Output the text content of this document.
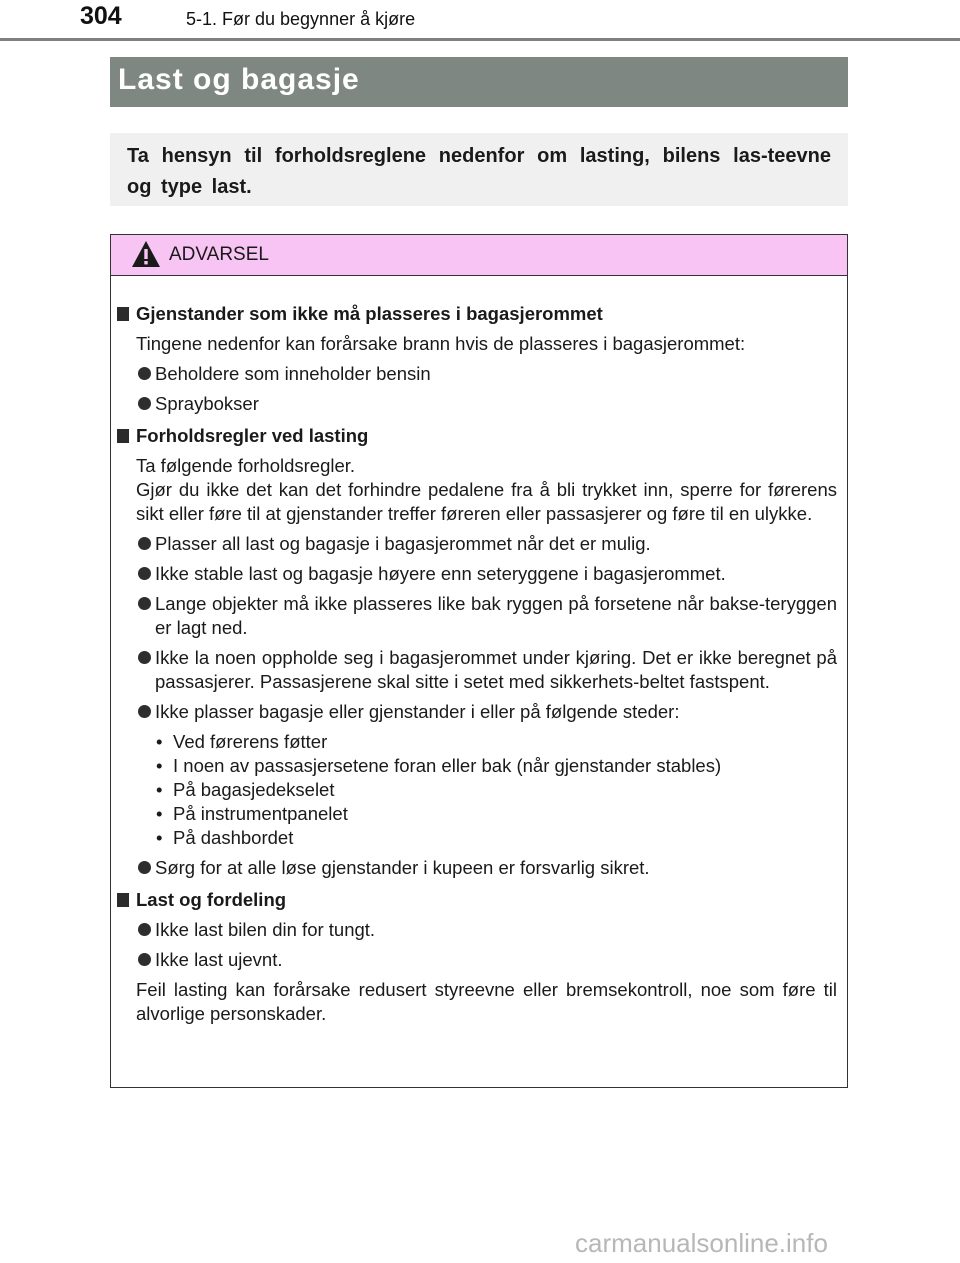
304	5-1. Før du begynner å kjøre
Last og bagasje
Ta hensyn til forholdsreglene nedenfor om lasting, bilens las-teevne og type last.
ADVARSEL
Gjenstander som ikke må plasseres i bagasjerommet
Tingene nedenfor kan forårsake brann hvis de plasseres i bagasjerommet:
Beholdere som inneholder bensin
Spraybokser
Forholdsregler ved lasting
Ta følgende forholdsregler.
Gjør du ikke det kan det forhindre pedalene fra å bli trykket inn, sperre for førerens sikt eller føre til at gjenstander treffer føreren eller passasjerer og føre til en ulykke.
Plasser all last og bagasje i bagasjerommet når det er mulig.
Ikke stable last og bagasje høyere enn seteryggene i bagasjerommet.
Lange objekter må ikke plasseres like bak ryggen på forsetene når bakse-teryggen er lagt ned.
Ikke la noen oppholde seg i bagasjerommet under kjøring. Det er ikke beregnet på passasjerer. Passasjerene skal sitte i setet med sikkerhets-beltet fastspent.
Ikke plasser bagasje eller gjenstander i eller på følgende steder:
• Ved førerens føtter
• I noen av passasjersetene foran eller bak (når gjenstander stables)
• På bagasjedekselet
• På instrumentpanelet
• På dashbordet
Sørg for at alle løse gjenstander i kupeen er forsvarlig sikret.
Last og fordeling
Ikke last bilen din for tungt.
Ikke last ujevnt.
Feil lasting kan forårsake redusert styreevne eller bremsekontroll, noe som føre til alvorlige personskader.
carmanualsonline.info
